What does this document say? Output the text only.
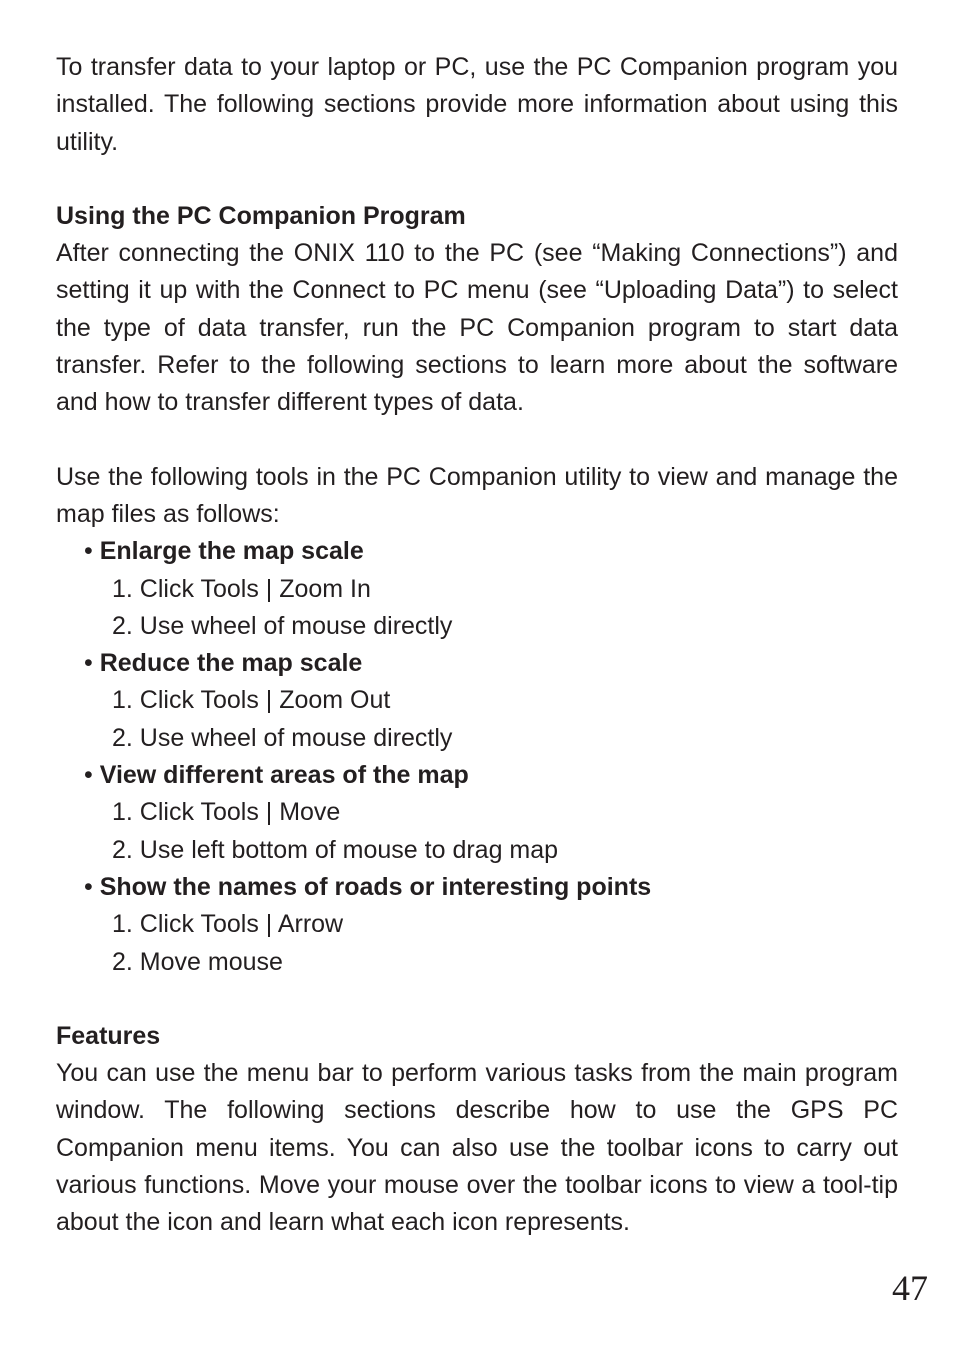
To transfer data to your laptop or PC, use the PC Companion program you installed. The following sections provide more information about using this utility.

Using the PC Companion Program

After connecting the ONIX 110 to the PC (see “Making Connections”) and setting it up with the Connect to PC menu (see “Uploading Data”) to select the type of data transfer, run the PC Companion program to start data transfer. Refer to the following sections to learn more about the software and how to transfer different types of data.

Use the following tools in the PC Companion utility to view and manage the map files as follows:

• Enlarge the map scale

1. Click Tools | Zoom In

2. Use wheel of mouse directly

• Reduce the map scale

1. Click Tools | Zoom Out

2. Use wheel of mouse directly

• View different areas of the map

1. Click Tools | Move

2. Use left bottom of mouse to drag map

• Show the names of roads or interesting points

1. Click Tools | Arrow

2. Move mouse

Features

You can use the menu bar to perform various tasks from the main program window. The following sections describe how to use the GPS PC Companion menu items. You can also use the toolbar icons to carry out various functions. Move your mouse over the toolbar icons to view a tool-tip about the icon and learn what each icon represents.

47
